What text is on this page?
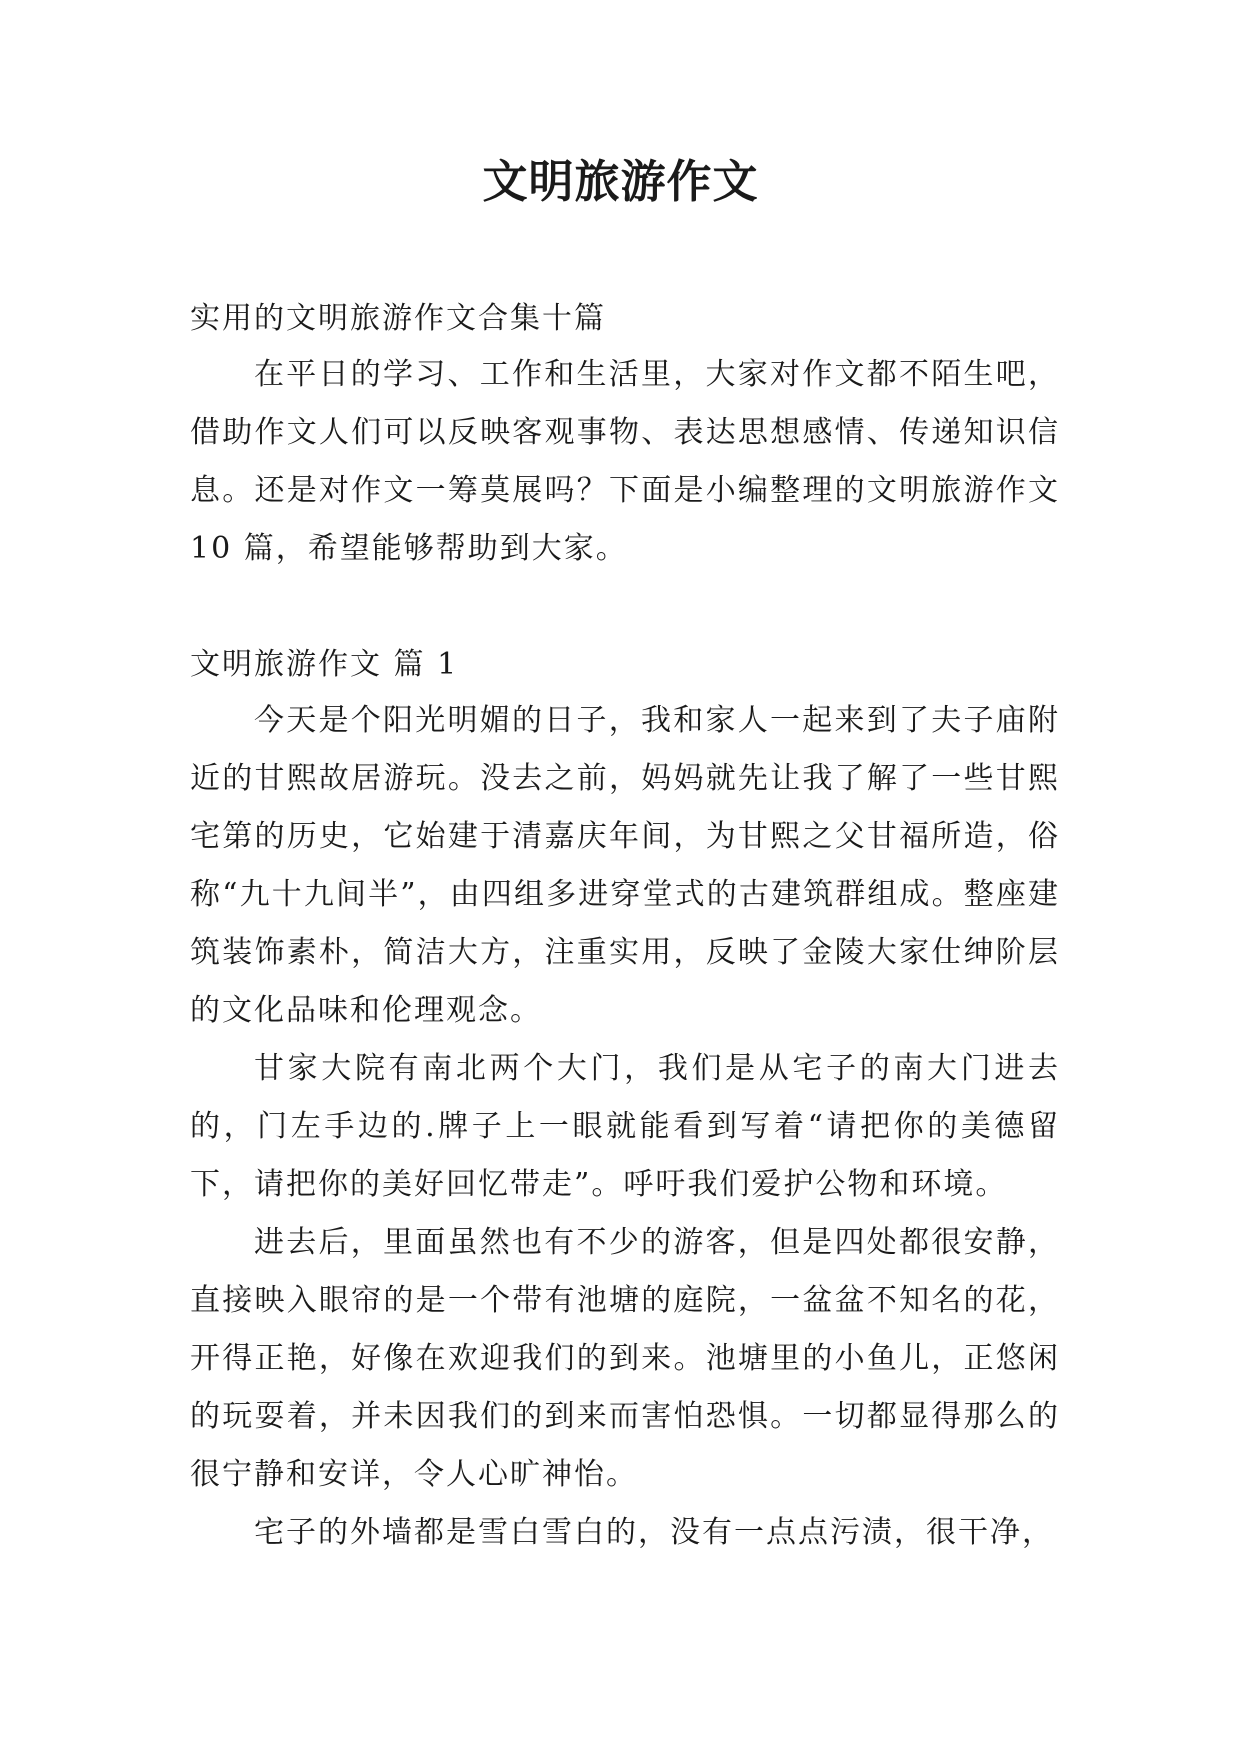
文明旅游作文
实用的文明旅游作文合集十篇

在平日的学习、工作和生活里，大家对作文都不陌生吧，借助作文人们可以反映客观事物、表达思想感情、传递知识信息。还是对作文一筹莫展吗？下面是小编整理的文明旅游作文 10 篇，希望能够帮助到大家。

文明旅游作文 篇 1

今天是个阳光明媚的日子，我和家人一起来到了夫子庙附近的甘熙故居游玩。没去之前，妈妈就先让我了解了一些甘熙宅第的历史，它始建于清嘉庆年间，为甘熙之父甘福所造，俗称“九十九间半”，由四组多进穿堂式的古建筑群组成。整座建筑装饰素朴，简洁大方，注重实用，反映了金陵大家仕绅阶层的文化品味和伦理观念。

甘家大院有南北两个大门，我们是从宅子的南大门进去的，门左手边的.牌子上一眼就能看到写着“请把你的美德留下，请把你的美好回忆带走”。呼吁我们爱护公物和环境。

进去后，里面虽然也有不少的游客，但是四处都很安静，直接映入眼帘的是一个带有池塘的庭院，一盆盆不知名的花，开得正艳，好像在欢迎我们的到来。池塘里的小鱼儿，正悠闲的玩耍着，并未因我们的到来而害怕恐惧。一切都显得那么的很宁静和安详，令人心旷神怡。

宅子的外墙都是雪白雪白的，没有一点点污渍，很干净，
